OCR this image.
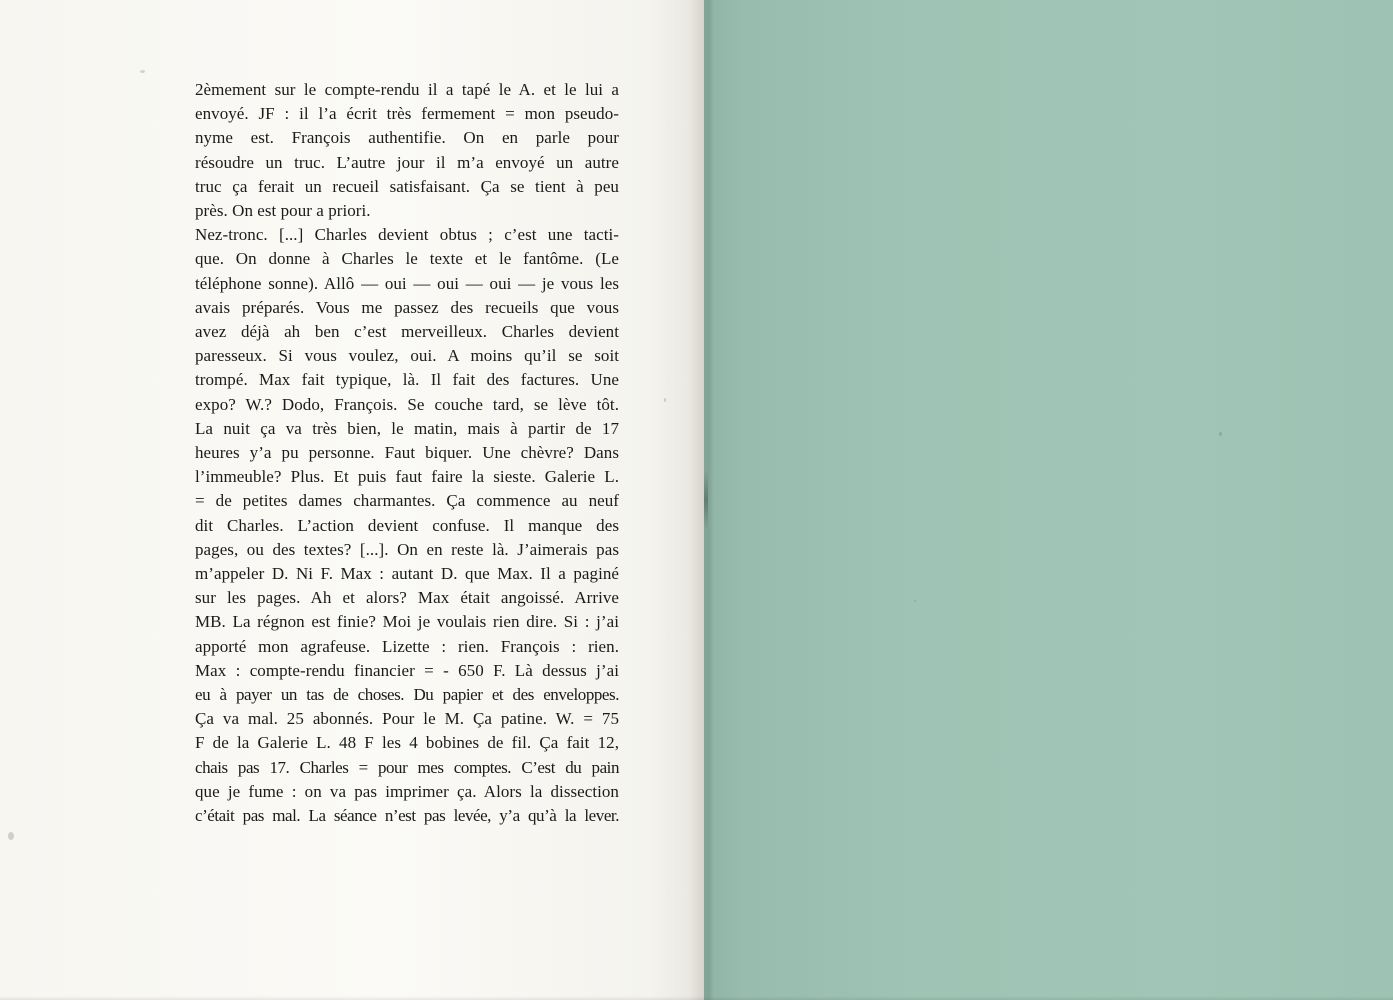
2èmement sur le compte-rendu il a tapé le A. et le lui a
envoyé. JF : il l’a écrit très fermement = mon pseudo-
nyme est. François authentifie. On en parle pour
résoudre un truc. L’autre jour il m’a envoyé un autre
truc ça ferait un recueil satisfaisant. Ça se tient à peu
près. On est pour a priori.
Nez-tronc. [...] Charles devient obtus ; c’est une tacti-
que. On donne à Charles le texte et le fantôme. (Le
téléphone sonne). Allô — oui — oui — oui — je vous les
avais préparés. Vous me passez des recueils que vous
avez déjà ah ben c’est merveilleux. Charles devient
paresseux. Si vous voulez, oui. A moins qu’il se soit
trompé. Max fait typique, là. Il fait des factures. Une
expo? W.? Dodo, François. Se couche tard, se lève tôt.
La nuit ça va très bien, le matin, mais à partir de 17
heures y’a pu personne. Faut biquer. Une chèvre? Dans
l’immeuble? Plus. Et puis faut faire la sieste. Galerie L.
= de petites dames charmantes. Ça commence au neuf
dit Charles. L’action devient confuse. Il manque des
pages, ou des textes? [...]. On en reste là. J’aimerais pas
m’appeler D. Ni F. Max : autant D. que Max. Il a paginé
sur les pages. Ah et alors? Max était angoissé. Arrive
MB. La régnon est finie? Moi je voulais rien dire. Si : j’ai
apporté mon agrafeuse. Lizette : rien. François : rien.
Max : compte-rendu financier = - 650 F. Là dessus j’ai
eu à payer un tas de choses. Du papier et des enveloppes.
Ça va mal. 25 abonnés. Pour le M. Ça patine. W. = 75
F de la Galerie L. 48 F les 4 bobines de fil. Ça fait 12,
chais pas 17. Charles = pour mes comptes. C’est du pain
que je fume : on va pas imprimer ça. Alors la dissection
c’était pas mal. La séance n’est pas levée, y’a qu’à la lever.
